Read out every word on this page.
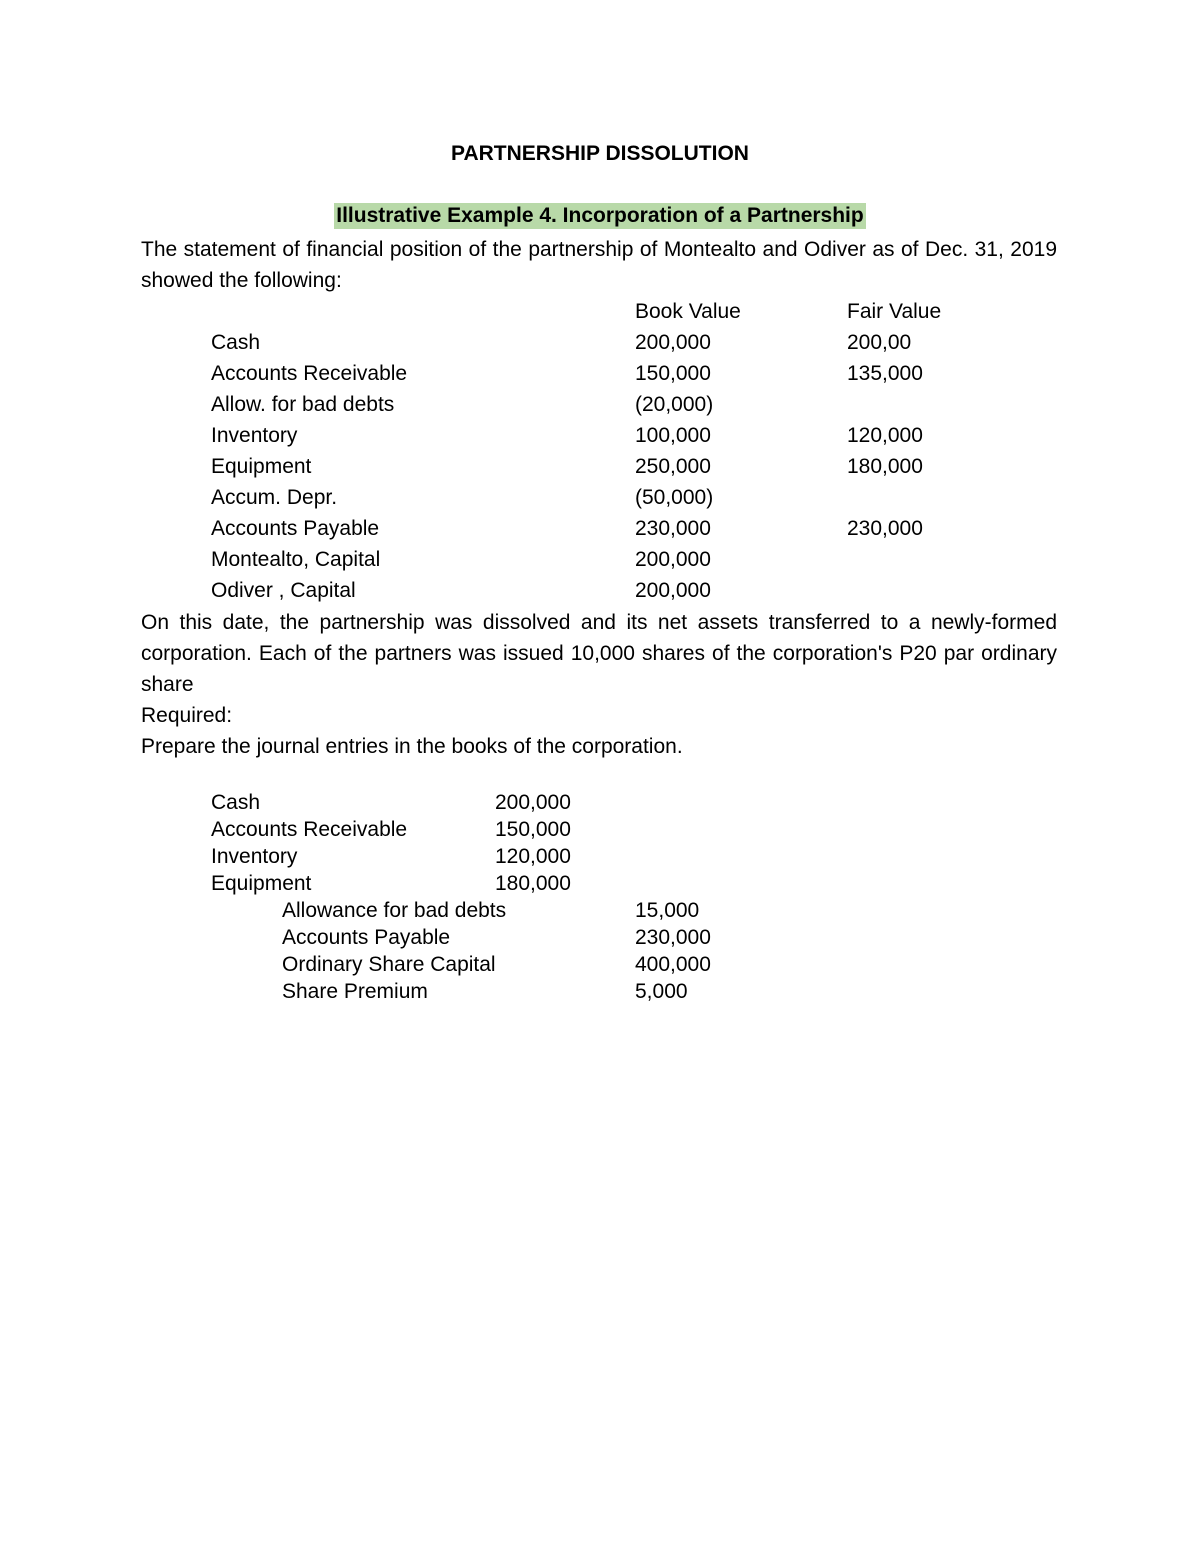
PARTNERSHIP DISSOLUTION
Illustrative Example 4. Incorporation of a Partnership
The statement of financial position of the partnership of Montealto and Odiver as of Dec. 31, 2019 showed the following:
Book Value	Fair Value
Cash	200,000	200,00
Accounts Receivable	150,000	135,000
Allow. for bad debts	(20,000)
Inventory	100,000	120,000
Equipment	250,000	180,000
Accum. Depr.	(50,000)
Accounts Payable	230,000	230,000
Montealto, Capital	200,000
Odiver , Capital	200,000
On this date, the partnership was dissolved and its net assets transferred to a newly-formed corporation. Each of the partners was issued 10,000 shares of the corporation's P20 par ordinary share
Required:
Prepare the journal entries in the books of the corporation.
Cash	200,000
Accounts Receivable	150,000
Inventory	120,000
Equipment	180,000
Allowance for bad debts	15,000
Accounts Payable	230,000
Ordinary Share Capital	400,000
Share Premium	5,000
